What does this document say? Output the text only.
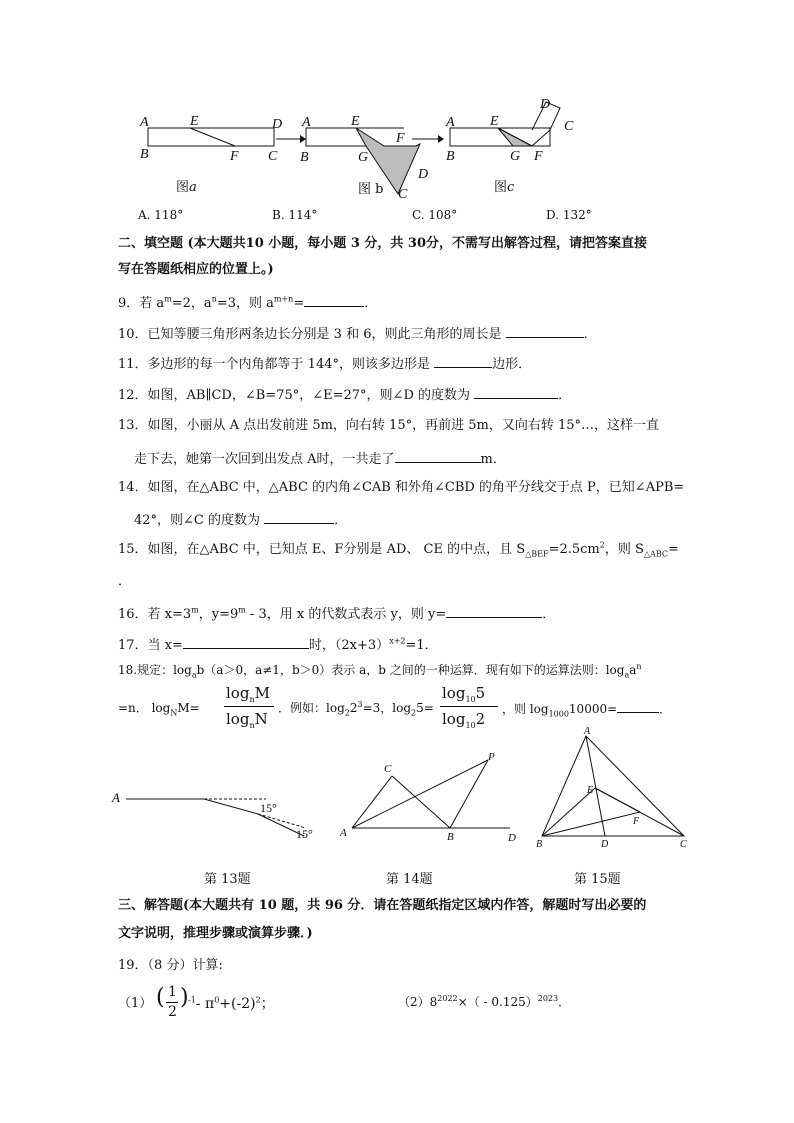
A	E	D
B	F C
图a
A	E
F
B	G
D
C
图 b
A	E
D
C
B	G F
图c
A. 118°	B. 114°	C. 108°	D. 132°
二、填空题 (本大题共10 小题，每小题 3 分，共 30分，不需写出解答过程，请把答案直接
写在答题纸相应的位置上。)
9．若 $a^m=2$，$a^n=3$，则 $a^{m+n}=$	．
10．已知等腰三角形两条边长分别是 3 和 6，则此三角形的周长是	．
11．多边形的每一个内角都等于 144°，则该多边形是	边形．
12．如图，AB∥CD，∠B=75°，∠E=27°，则∠D 的度数为	．
13．如图，小丽从 A 点出发前进 5m，向右转 15°，再前进 5m，又向右转 15°…，这样一直
走下去，她第一次回到出发点 A时，一共走了	m．
14．如图，在△ABC 中，△ABC 的内角∠CAB 和外角∠CBD 的角平分线交于点 P，已知∠APB=
42°，则∠C 的度数为	．
15．如图，在△ABC 中，已知点 E、F分别是 AD、 CE 的中点，且 $S_{\triangle BEF}=2.5cm^2$，则 $S_{\triangle ABC}=$
．
16．若 $x=3^m$，$y=9^m - 3$，用 x 的代数式表示 y，则 y=	．
17．当 x=	时，$(2x+3)^{x+2}=1$．
18.规定：$\log_ab(a>0$，a≠1，b＞0）表示 a，b 之间的一种运算．现有如下的运算法则：$\log_aa^n$
=n． $\log_NM=$
$\log_nM$
$\log_nN$
．例如：$\log_22^3=3$，$\log_25=$
$\log_{10}5$
$\log_{10}2$
，则 $\log_{1000}10000=$	．
A
15°
15°
第 13题
C
P
A	B	D
第 14题
A
E
F
B	D	C
第 15题
三、解答题(本大题共有 10 题，共 96 分．请在答题纸指定区域内作答，解题时写出必要的
文字说明，推理步骤或演算步骤．)
19．（8 分）计算:
（1） ( 1
2
) $^{-1}$- $\pi^0+(-2)^2$；	$(2)8^{2022}\times( - 0.125)^{2023}$．
